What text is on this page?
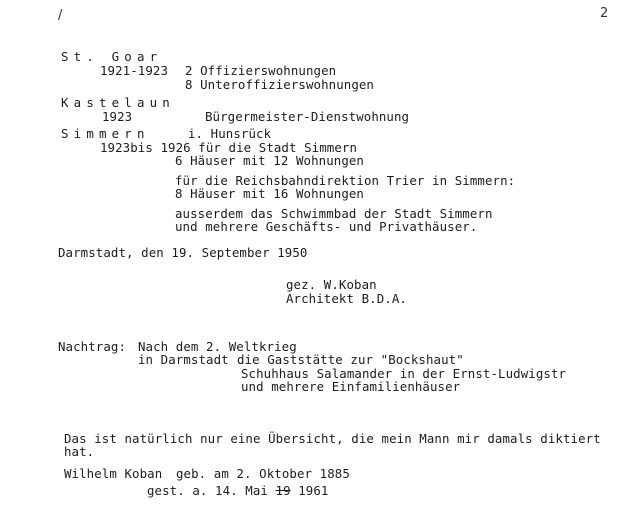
/	2
St. Goar
1921-1923 2 Offizierswohnungen
8 Unteroffizierswohnungen
Kastelaun
1923	Bürgermeister-Dienstwohnung
Simmern	i. Hunsrück
1923bis 1926 für die Stadt Simmern
6 Häuser mit 12 Wohnungen
für die Reichsbahndirektion Trier in Simmern:
8 Häuser mit 16 Wohnungen
ausserdem das Schwimmbad der Stadt Simmern
und mehrere Geschäfts- und Privathäuser.
Darmstadt, den 19. September 1950
gez. W.Koban
Architekt B.D.A.
Nachtrag: Nach dem 2. Weltkrieg
in Darmstadt die Gaststätte zur "Bockshaut"
Schuhhaus Salamander in der Ernst-Ludwigstr
und mehrere Einfamilienhäuser
Das ist natürlich nur eine Übersicht, die mein Mann mir damals diktiert
hat.
Wilhelm Koban geb. am 2. Oktober 1885
gest. a. 14. Mai 19 1961
